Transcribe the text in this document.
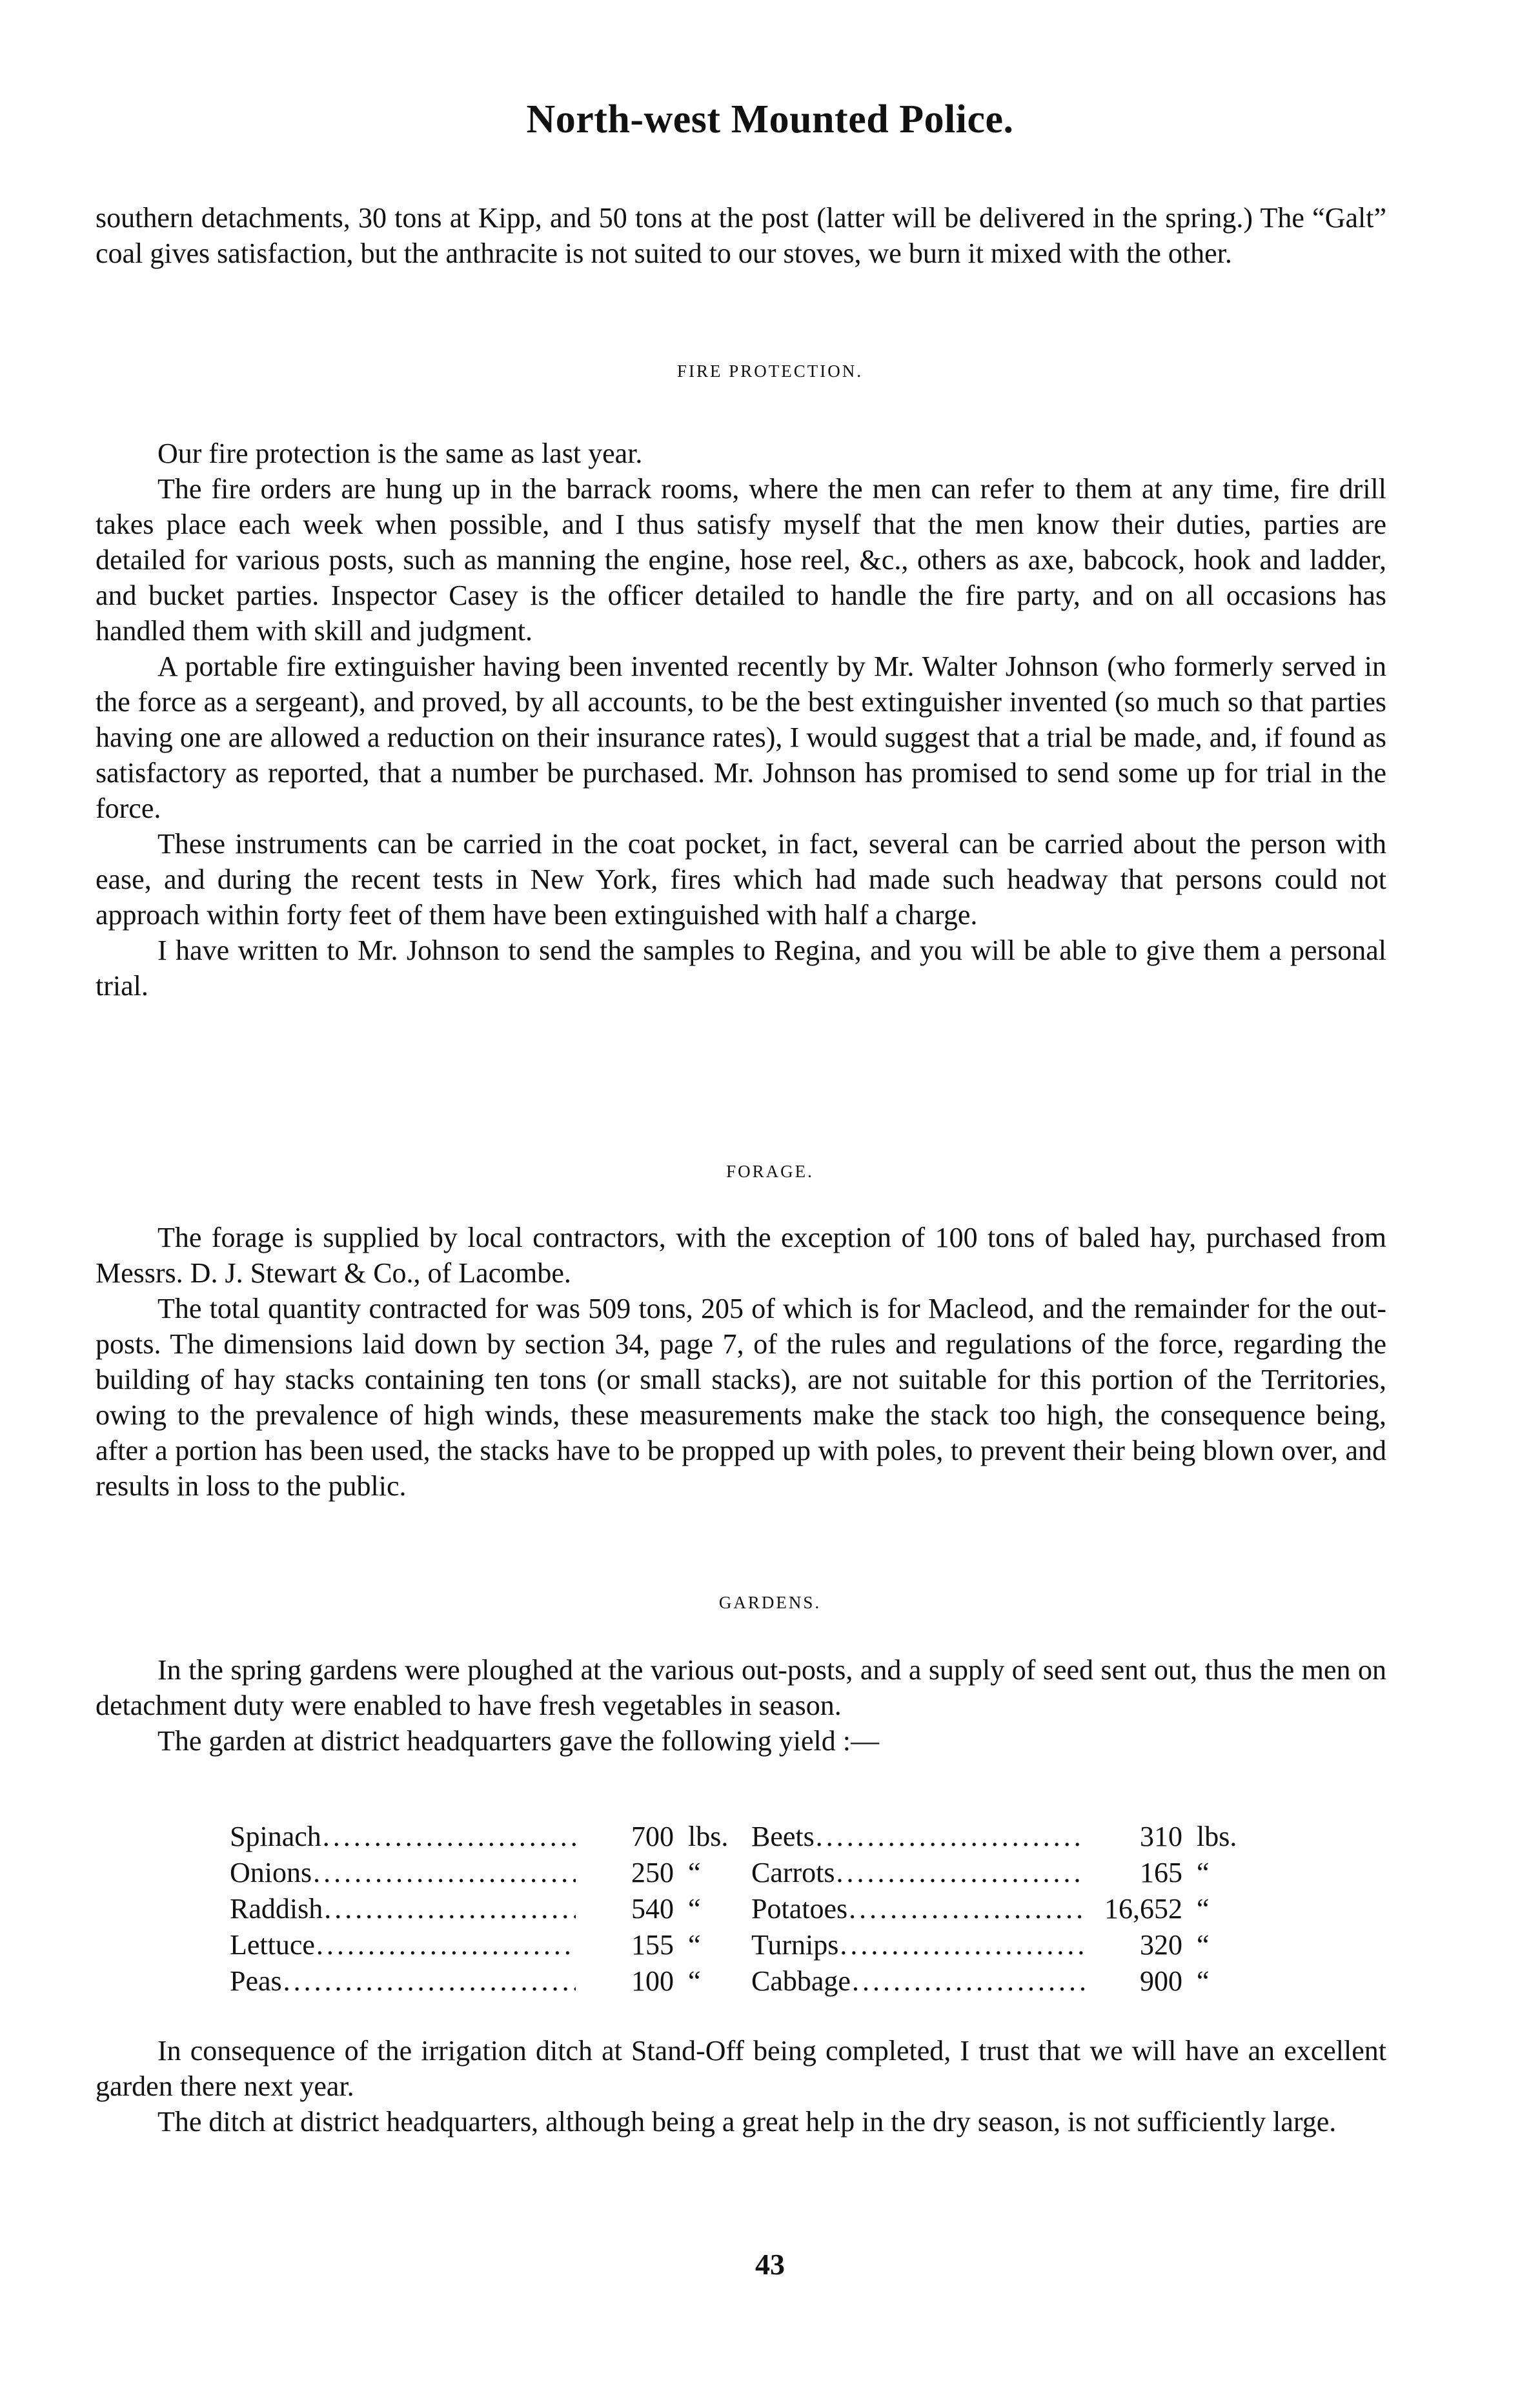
North-west Mounted Police.

southern detachments, 30 tons at Kipp, and 50 tons at the post (latter will be delivered in the spring.) The “Galt” coal gives satisfaction, but the anthracite is not suited to our stoves, we burn it mixed with the other.

FIRE PROTECTION.

Our fire protection is the same as last year.

The fire orders are hung up in the barrack rooms, where the men can refer to them at any time, fire drill takes place each week when possible, and I thus satisfy myself that the men know their duties, parties are detailed for various posts, such as manning the engine, hose reel, &c., others as axe, babcock, hook and ladder, and bucket parties. Inspector Casey is the officer detailed to handle the fire party, and on all occasions has handled them with skill and judgment.

A portable fire extinguisher having been invented recently by Mr. Walter Johnson (who formerly served in the force as a sergeant), and proved, by all accounts, to be the best extinguisher invented (so much so that parties having one are allowed a reduction on their insurance rates), I would suggest that a trial be made, and, if found as satisfactory as reported, that a number be purchased. Mr. Johnson has promised to send some up for trial in the force.

These instruments can be carried in the coat pocket, in fact, several can be carried about the person with ease, and during the recent tests in New York, fires which had made such headway that persons could not approach within forty feet of them have been extinguished with half a charge.

I have written to Mr. Johnson to send the samples to Regina, and you will be able to give them a personal trial.

FORAGE.

The forage is supplied by local contractors, with the exception of 100 tons of baled hay, purchased from Messrs. D. J. Stewart & Co., of Lacombe.

The total quantity contracted for was 509 tons, 205 of which is for Macleod, and the remainder for the out-posts. The dimensions laid down by section 34, page 7, of the rules and regulations of the force, regarding the building of hay stacks containing ten tons (or small stacks), are not suitable for this portion of the Territories, owing to the prevalence of high winds, these measurements make the stack too high, the consequence being, after a portion has been used, the stacks have to be propped up with poles, to prevent their being blown over, and results in loss to the public.

GARDENS.

In the spring gardens were ploughed at the various out-posts, and a supply of seed sent out, thus the men on detachment duty were enabled to have fresh vegetables in season.

The garden at district headquarters gave the following yield :—

Spinach .....	700 lbs. Beets .....	310 lbs.
Onions .....	250 “	Carrots .....	165 “
Raddish .....	540 “	Potatoes .....	16,652 “
Lettuce .....	155 “	Turnips .....	320 “
Peas .....	100 “	Cabbage .....	900 “

In consequence of the irrigation ditch at Stand-Off being completed, I trust that we will have an excellent garden there next year.

The ditch at district headquarters, although being a great help in the dry season, is not sufficiently large.

43
